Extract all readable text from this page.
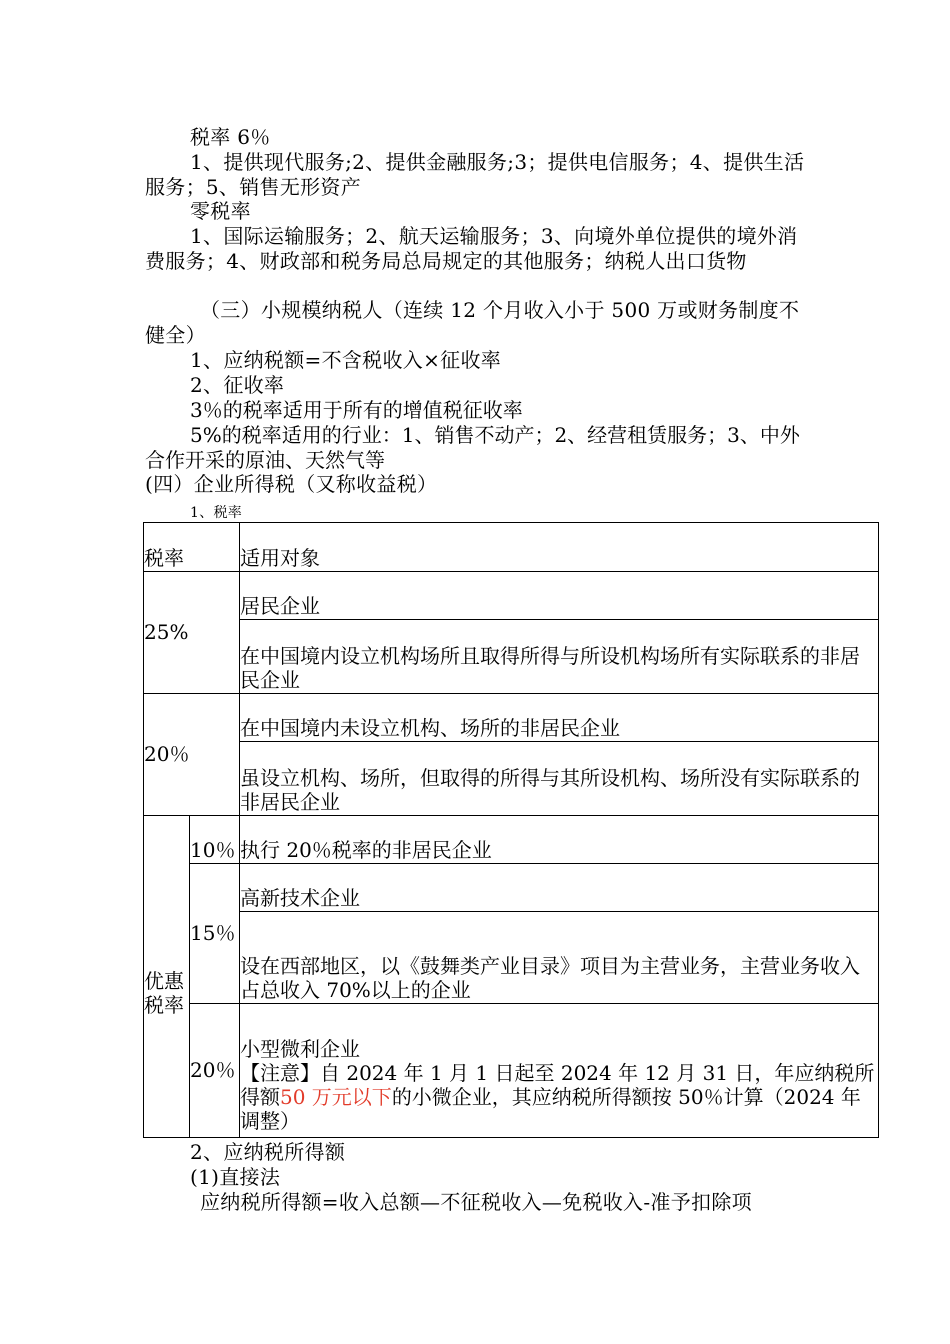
税率 6％
1、提供现代服务;2、提供金融服务;3；提供电信服务；4、提供生活服务；5、销售无形资产
零税率
1、国际运输服务；2、航天运输服务；3、向境外单位提供的境外消费服务；4、财政部和税务局总局规定的其他服务；纳税人出口货物
（三）小规模纳税人（连续 12 个月收入小于 500 万或财务制度不健全）
1、应纳税额=不含税收入×征收率
2、征收率
3％的税率适用于所有的增值税征收率
5%的税率适用的行业：1、销售不动产；2、经营租赁服务；3、中外合作开采的原油、天然气等
(四）企业所得税（又称收益税）
1、税率
税率		适用对象
25%		居民企业
		在中国境内设立机构场所且取得所得与所设机构场所有实际联系的非居民企业
20％		在中国境内未设立机构、场所的非居民企业
		虽设立机构、场所，但取得的所得与其所设机构、场所没有实际联系的非居民企业
优惠税率	10％	执行 20％税率的非居民企业
	15％	高新技术企业
		设在西部地区，以《鼓舞类产业目录》项目为主营业务，主营业务收入占总收入 70%以上的企业
	20％	小型微利企业
【注意】自 2024 年 1 月 1 日起至 2024 年 12 月 31 日，年应纳税所得额50 万元以下的小微企业，其应纳税所得额按 50％计算（2024 年调整）
2、应纳税所得额
(1)直接法
应纳税所得额=收入总额—不征税收入—免税收入-准予扣除项
